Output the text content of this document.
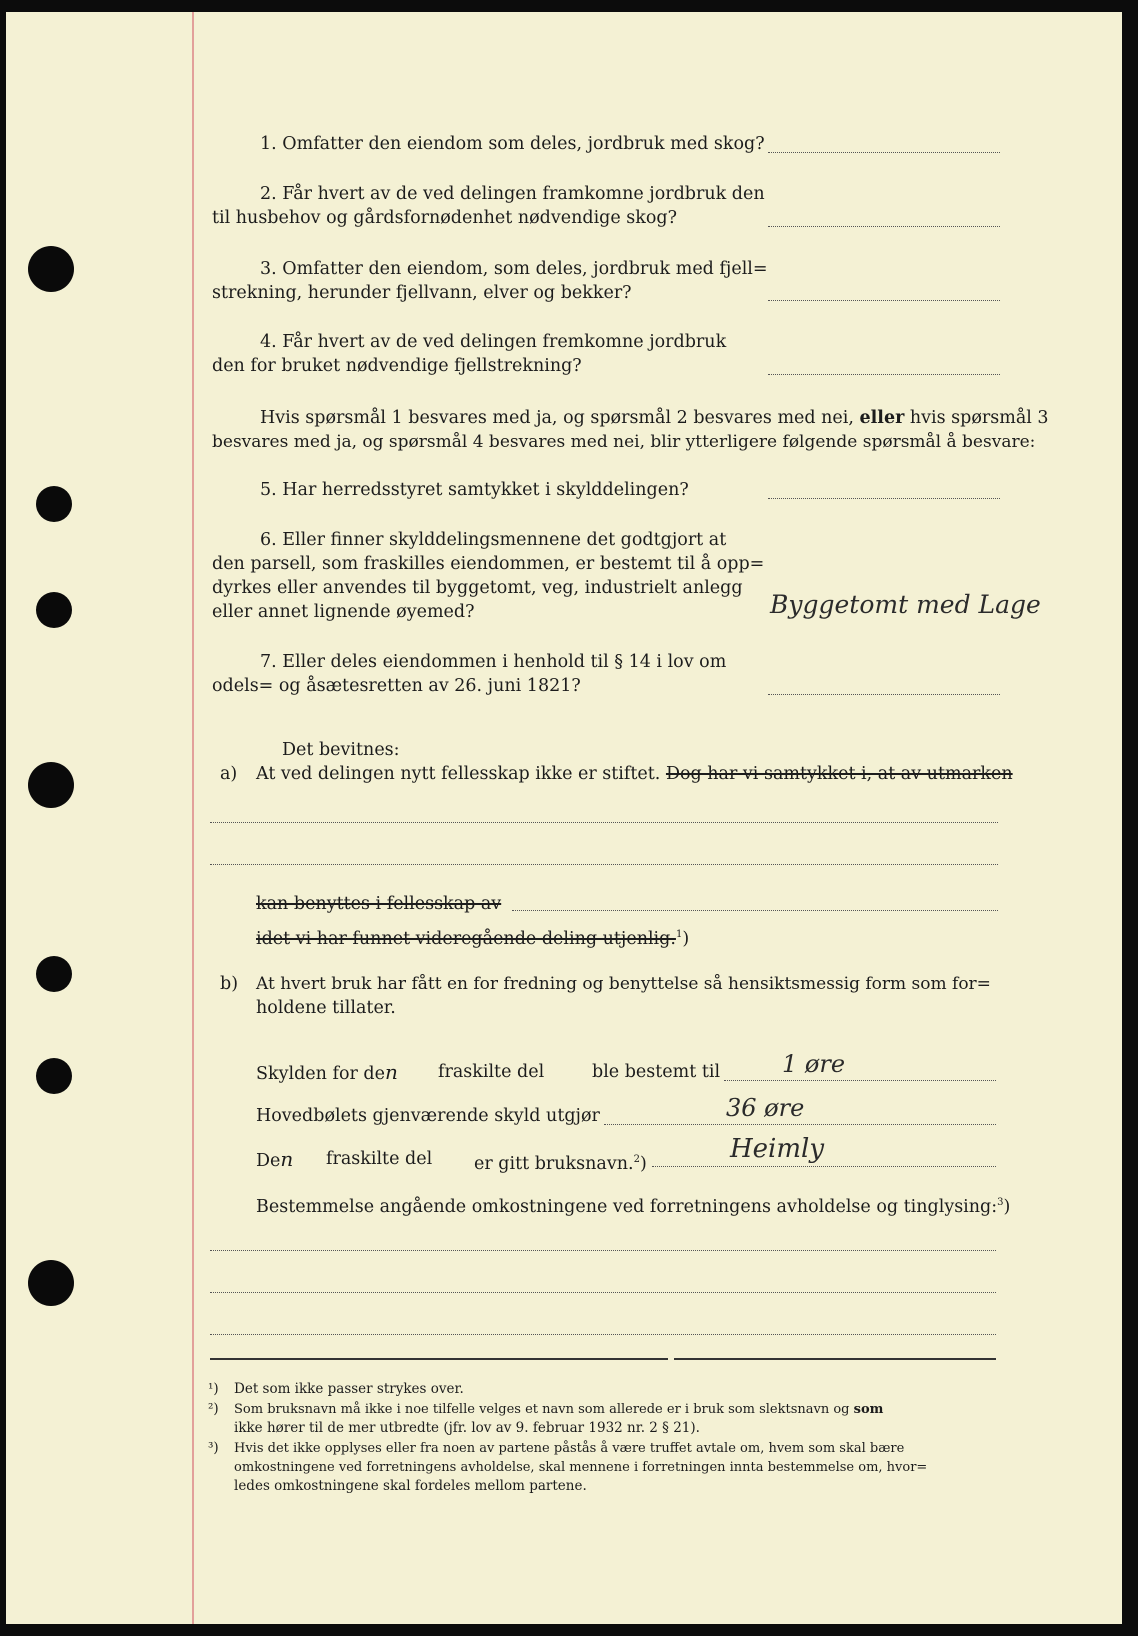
1. Omfatter den eiendom som deles, jordbruk med skog?
2. Får hvert av de ved delingen framkomne jordbruk den
til husbehov og gårdsfornødenhet nødvendige skog?
3. Omfatter den eiendom, som deles, jordbruk med fjell=
strekning, herunder fjellvann, elver og bekker?
4. Får hvert av de ved delingen fremkomne jordbruk
den for bruket nødvendige fjellstrekning?
Hvis spørsmål 1 besvares med ja, og spørsmål 2 besvares med nei, eller hvis spørsmål 3
besvares med ja, og spørsmål 4 besvares med nei, blir ytterligere følgende spørsmål å besvare:
5. Har herredsstyret samtykket i skylddelingen?
6. Eller finner skylddelingsmennene det godtgjort at
den parsell, som fraskilles eiendommen, er bestemt til å opp=
dyrkes eller anvendes til byggetomt, veg, industrielt anlegg
eller annet lignende øyemed?	Byggetomt med Lage
7. Eller deles eiendommen i henhold til § 14 i lov om
odels= og åsætesretten av 26. juni 1821?
Det bevitnes:
a) At ved delingen nytt fellesskap ikke er stiftet. Dog har vi samtykket i, at av utmarken
kan benyttes i fellesskap av
idet vi har funnet videregående deling utjenlig.$^1$)
b) At hvert bruk har fått en for fredning og benyttelse så hensiktsmessig form som for=
holdene tillater.
Skylden for den fraskilte del	ble bestemt til	1 øre
Hovedbølets gjenværende skyld utgjør	36 øre
Den fraskilte del er gitt bruksnavn.$^2$)	Heimly
Bestemmelse angående omkostningene ved forretningens avholdelse og tinglysing:$^3$)
¹) Det som ikke passer strykes over.
²) Som bruksnavn må ikke i noe tilfelle velges et navn som allerede er i bruk som slektsnavn og som
ikke hører til de mer utbredte (jfr. lov av 9. februar 1932 nr. 2 § 21).
³) Hvis det ikke opplyses eller fra noen av partene påstås å være truffet avtale om, hvem som skal bære
omkostningene ved forretningens avholdelse, skal mennene i forretningen innta bestemmelse om, hvor=
ledes omkostningene skal fordeles mellom partene.
